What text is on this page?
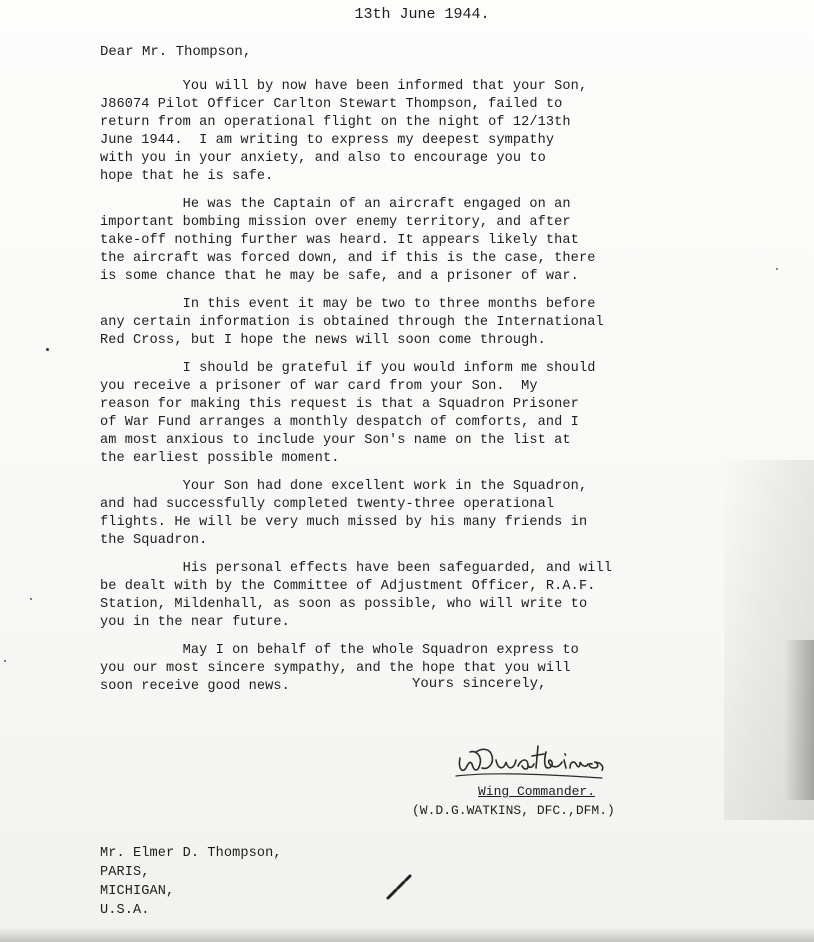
13th June 1944.
Dear Mr. Thompson,
You will by now have been informed that your Son,
J86074 Pilot Officer Carlton Stewart Thompson, failed to
return from an operational flight on the night of 12/13th
June 1944.  I am writing to express my deepest sympathy
with you in your anxiety, and also to encourage you to
hope that he is safe.
He was the Captain of an aircraft engaged on an
important bombing mission over enemy territory, and after
take-off nothing further was heard. It appears likely that
the aircraft was forced down, and if this is the case, there
is some chance that he may be safe, and a prisoner of war.
In this event it may be two to three months before
any certain information is obtained through the International
Red Cross, but I hope the news will soon come through.
I should be grateful if you would inform me should
you receive a prisoner of war card from your Son.  My
reason for making this request is that a Squadron Prisoner
of War Fund arranges a monthly despatch of comforts, and I
am most anxious to include your Son's name on the list at
the earliest possible moment.
Your Son had done excellent work in the Squadron,
and had successfully completed twenty-three operational
flights. He will be very much missed by his many friends in
the Squadron.
His personal effects have been safeguarded, and will
be dealt with by the Committee of Adjustment Officer, R.A.F.
Station, Mildenhall, as soon as possible, who will write to
you in the near future.
May I on behalf of the whole Squadron express to
you our most sincere sympathy, and the hope that you will
soon receive good news.	Yours sincerely,
Wing Commander.
(W.D.G.WATKINS, DFC.,DFM.)
Mr. Elmer D. Thompson,
PARIS,
MICHIGAN,
U.S.A.
